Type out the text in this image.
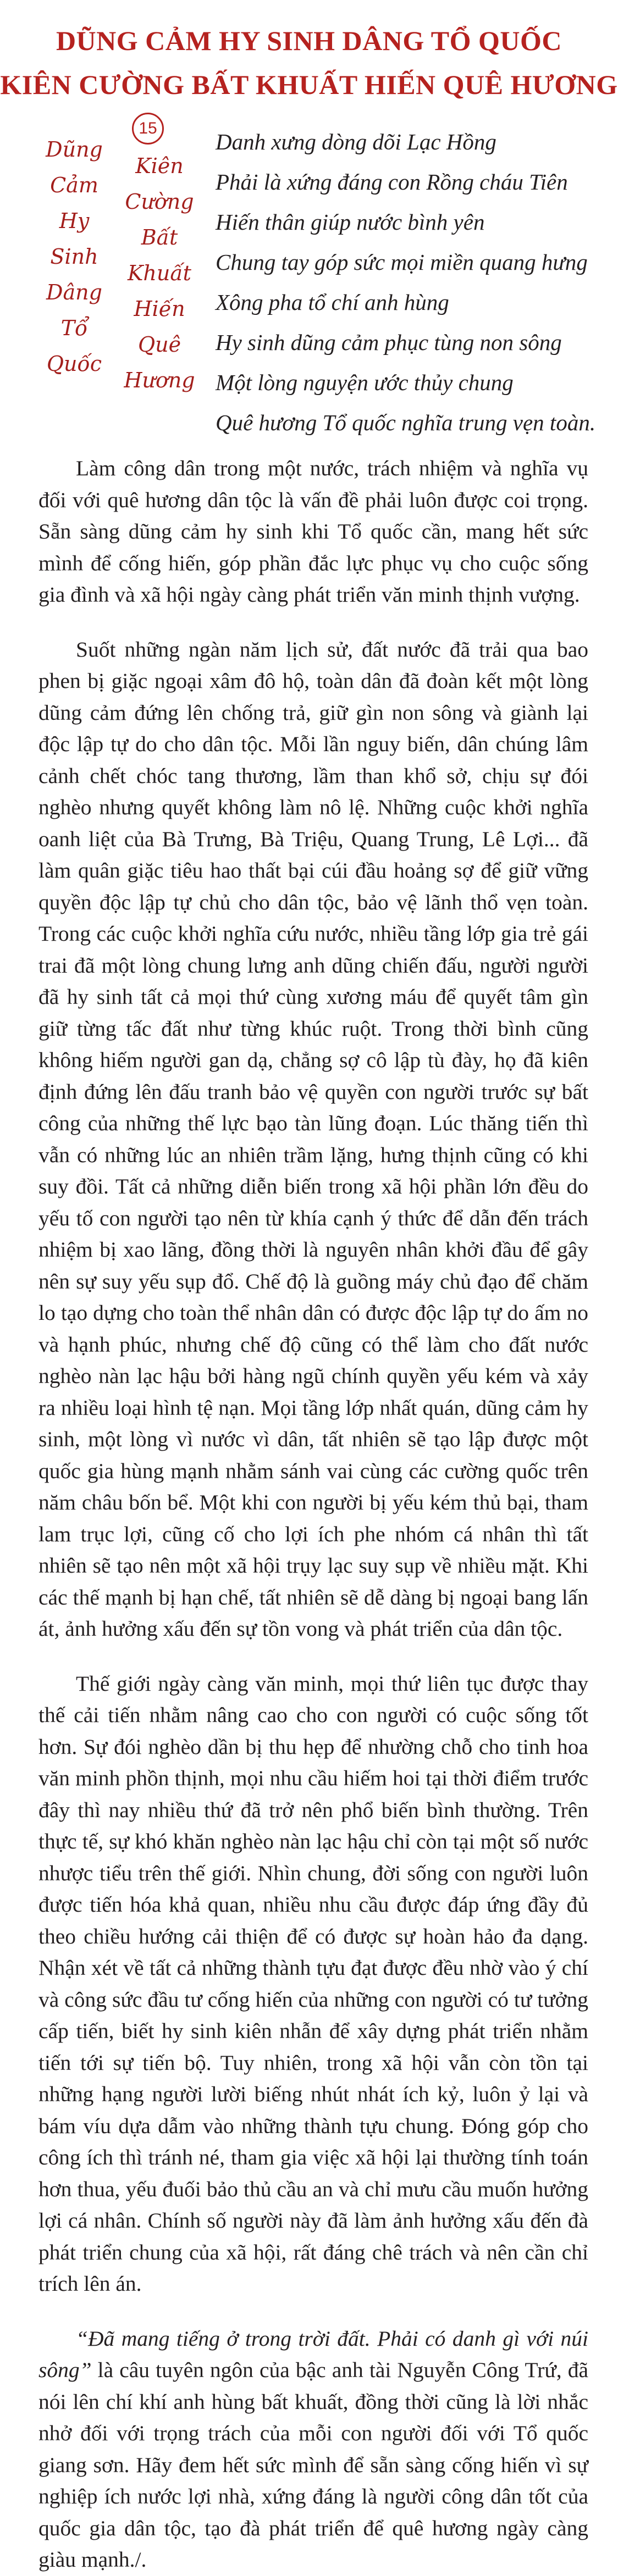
DŨNG CẢM HY SINH DÂNG TỔ QUỐC
KIÊN CƯỜNG BẤT KHUẤT HIẾN QUÊ HƯƠNG
15
Dũng
Cảm
Hy
Sinh
Dâng
Tổ
Quốc
Kiên
Cường
Bất
Khuất
Hiến
Quê
Hương
Danh xưng dòng dõi Lạc Hồng
Phải là xứng đáng con Rồng cháu Tiên
Hiến thân giúp nước bình yên
Chung tay góp sức mọi miền quang hưng
Xông pha tổ chí anh hùng
Hy sinh dũng cảm phục tùng non sông
Một lòng nguyện ước thủy chung
Quê hương Tổ quốc nghĩa trung vẹn toàn.

Làm công dân trong một nước, trách nhiệm và nghĩa vụ đối với quê hương dân tộc là vấn đề phải luôn được coi trọng. Sẵn sàng dũng cảm hy sinh khi Tổ quốc cần, mang hết sức mình để cống hiến, góp phần đắc lực phục vụ cho cuộc sống gia đình và xã hội ngày càng phát triển văn minh thịnh vượng.

Suốt những ngàn năm lịch sử, đất nước đã trải qua bao phen bị giặc ngoại xâm đô hộ, toàn dân đã đoàn kết một lòng dũng cảm đứng lên chống trả, giữ gìn non sông và giành lại độc lập tự do cho dân tộc. Mỗi lần nguy biến, dân chúng lâm cảnh chết chóc tang thương, lầm than khổ sở, chịu sự đói nghèo nhưng quyết không làm nô lệ. Những cuộc khởi nghĩa oanh liệt của Bà Trưng, Bà Triệu, Quang Trung, Lê Lợi... đã làm quân giặc tiêu hao thất bại cúi đầu hoảng sợ để giữ vững quyền độc lập tự chủ cho dân tộc, bảo vệ lãnh thổ vẹn toàn. Trong các cuộc khởi nghĩa cứu nước, nhiều tầng lớp gia trẻ gái trai đã một lòng chung lưng anh dũng chiến đấu, người người đã hy sinh tất cả mọi thứ cùng xương máu để quyết tâm gìn giữ từng tấc đất như từng khúc ruột. Trong thời bình cũng không hiếm người gan dạ, chẳng sợ cô lập tù đày, họ đã kiên định đứng lên đấu tranh bảo vệ quyền con người trước sự bất công của những thế lực bạo tàn lũng đoạn. Lúc thăng tiến thì vẫn có những lúc an nhiên trầm lặng, hưng thịnh cũng có khi suy đồi. Tất cả những diễn biến trong xã hội phần lớn đều do yếu tố con người tạo nên từ khía cạnh ý thức để dẫn đến trách nhiệm bị xao lãng, đồng thời là nguyên nhân khởi đầu để gây nên sự suy yếu sụp đổ. Chế độ là guồng máy chủ đạo để chăm lo tạo dựng cho toàn thể nhân dân có được độc lập tự do ấm no và hạnh phúc, nhưng chế độ cũng có thể làm cho đất nước nghèo nàn lạc hậu bởi hàng ngũ chính quyền yếu kém và xảy ra nhiều loại hình tệ nạn. Mọi tầng lớp nhất quán, dũng cảm hy sinh, một lòng vì nước vì dân, tất nhiên sẽ tạo lập được một quốc gia hùng mạnh nhằm sánh vai cùng các cường quốc trên năm châu bốn bể. Một khi con người bị yếu kém thủ bại, tham lam trục lợi, cũng cố cho lợi ích phe nhóm cá nhân thì tất nhiên sẽ tạo nên một xã hội trụy lạc suy sụp về nhiều mặt. Khi các thế mạnh bị hạn chế, tất nhiên sẽ dễ dàng bị ngoại bang lấn át, ảnh hưởng xấu đến sự tồn vong và phát triển của dân tộc.

Thế giới ngày càng văn minh, mọi thứ liên tục được thay thế cải tiến nhằm nâng cao cho con người có cuộc sống tốt hơn. Sự đói nghèo dần bị thu hẹp để nhường chỗ cho tinh hoa văn minh phồn thịnh, mọi nhu cầu hiếm hoi tại thời điểm trước đây thì nay nhiều thứ đã trở nên phổ biến bình thường. Trên thực tế, sự khó khăn nghèo nàn lạc hậu chỉ còn tại một số nước nhược tiểu trên thế giới. Nhìn chung, đời sống con người luôn được tiến hóa khả quan, nhiều nhu cầu được đáp ứng đầy đủ theo chiều hướng cải thiện để có được sự hoàn hảo đa dạng. Nhận xét về tất cả những thành tựu đạt được đều nhờ vào ý chí và công sức đầu tư cống hiến của những con người có tư tưởng cấp tiến, biết hy sinh kiên nhẫn để xây dựng phát triển nhằm tiến tới sự tiến bộ. Tuy nhiên, trong xã hội vẫn còn tồn tại những hạng người lười biếng nhút nhát ích kỷ, luôn ỷ lại và bám víu dựa dẫm vào những thành tựu chung. Đóng góp cho công ích thì tránh né, tham gia việc xã hội lại thường tính toán hơn thua, yếu đuối bảo thủ cầu an và chỉ mưu cầu muốn hưởng lợi cá nhân. Chính số người này đã làm ảnh hưởng xấu đến đà phát triển chung của xã hội, rất đáng chê trách và nên cần chỉ trích lên án.

“Đã mang tiếng ở trong trời đất. Phải có danh gì với núi sông” là câu tuyên ngôn của bậc anh tài Nguyễn Công Trứ, đã nói lên chí khí anh hùng bất khuất, đồng thời cũng là lời nhắc nhở đối với trọng trách của mỗi con người đối với Tổ quốc giang sơn. Hãy đem hết sức mình để sẵn sàng cống hiến vì sự nghiệp ích nước lợi nhà, xứng đáng là người công dân tốt của quốc gia dân tộc, tạo đà phát triển để quê hương ngày càng giàu mạnh./.
